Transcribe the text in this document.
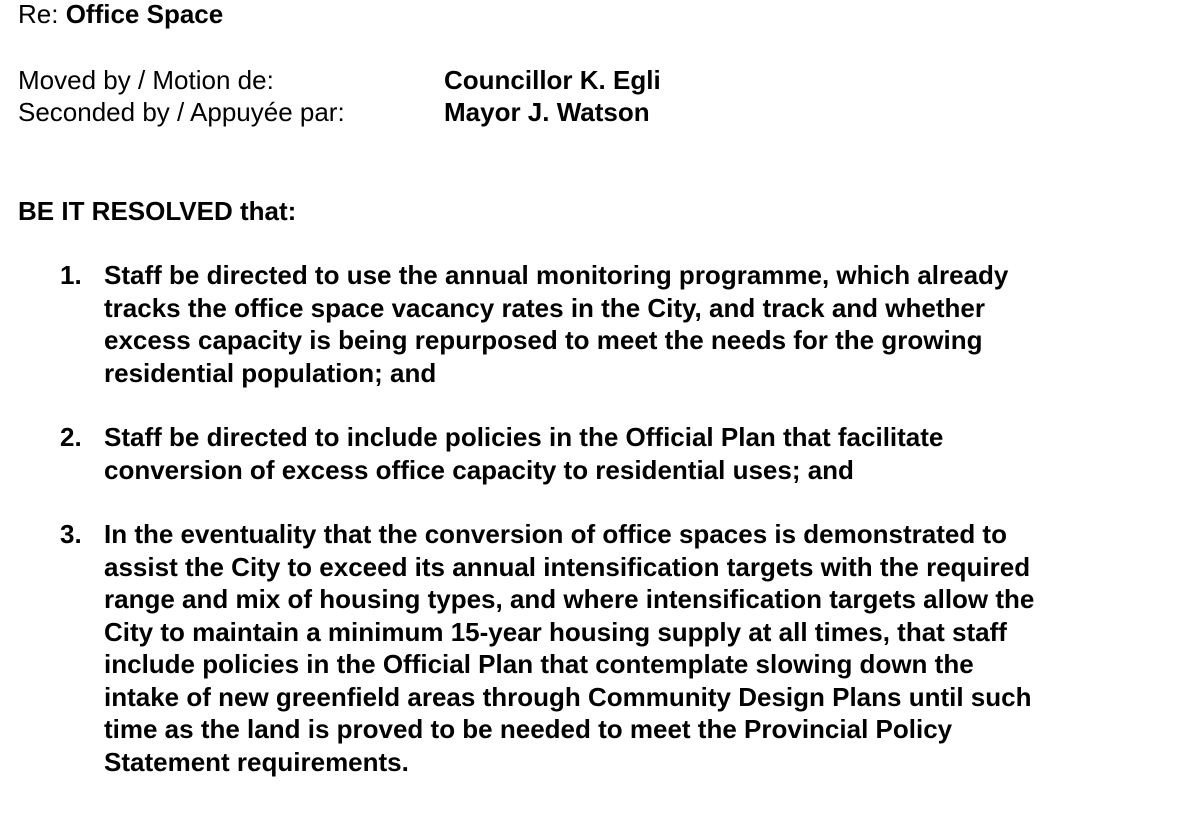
Re: Office Space
Moved by / Motion de:	Councillor K. Egli
Seconded by / Appuyée par:	Mayor J. Watson
BE IT RESOLVED that:
1. Staff be directed to use the annual monitoring programme, which already
tracks the office space vacancy rates in the City, and track and whether
excess capacity is being repurposed to meet the needs for the growing
residential population; and
2. Staff be directed to include policies in the Official Plan that facilitate
conversion of excess office capacity to residential uses; and
3. In the eventuality that the conversion of office spaces is demonstrated to
assist the City to exceed its annual intensification targets with the required
range and mix of housing types, and where intensification targets allow the
City to maintain a minimum 15-year housing supply at all times, that staff
include policies in the Official Plan that contemplate slowing down the
intake of new greenfield areas through Community Design Plans until such
time as the land is proved to be needed to meet the Provincial Policy
Statement requirements.
